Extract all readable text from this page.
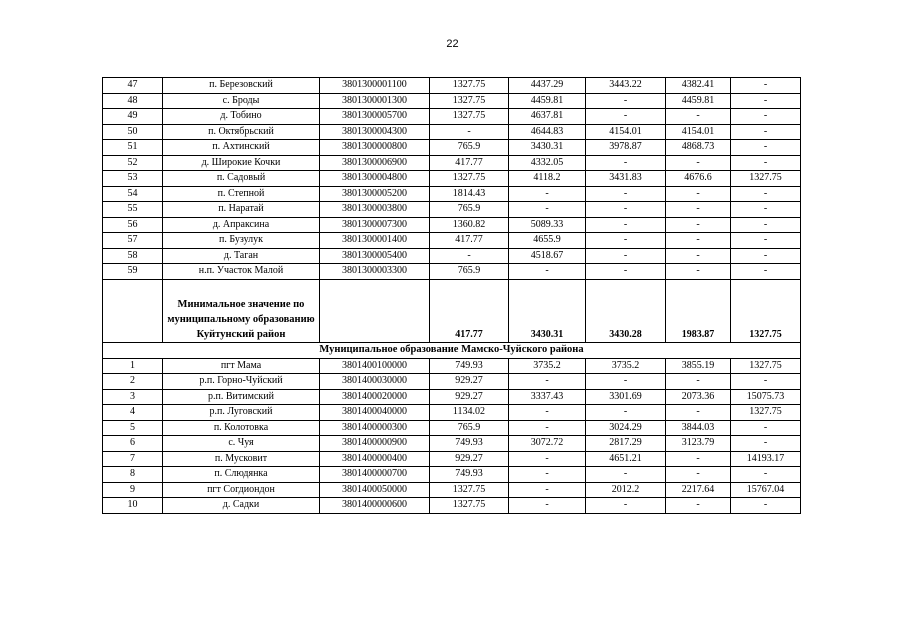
22
47	п. Березовский	3801300001100	1327.75	4437.29	3443.22	4382.41	-
48	с. Броды	3801300001300	1327.75	4459.81	-	4459.81	-
49	д. Тобино	3801300005700	1327.75	4637.81	-	-	-
50	п. Октябрьский	3801300004300	-	4644.83	4154.01	4154.01	-
51	п. Ахтинский	3801300000800	765.9	3430.31	3978.87	4868.73	-
52	д. Широкие Кочки	3801300006900	417.77	4332.05	-	-	-
53	п. Садовый	3801300004800	1327.75	4118.2	3431.83	4676.6	1327.75
54	п. Степной	3801300005200	1814.43	-	-	-	-
55	п. Наратай	3801300003800	765.9	-	-	-	-
56	д. Апраксина	3801300007300	1360.82	5089.33	-	-	-
57	п. Бузулук	3801300001400	417.77	4655.9	-	-	-
58	д. Таган	3801300005400	-	4518.67	-	-	-
59	н.п. Участок Малой	3801300003300	765.9	-	-	-	-
	Минимальное значение по муниципальному образованию Куйтунский район		417.77	3430.31	3430.28	1983.87	1327.75
Муниципальное образование Мамско-Чуйского района							
1	пгт Мама	3801400100000	749.93	3735.2	3735.2	3855.19	1327.75
2	р.п. Горно-Чуйский	3801400030000	929.27	-	-	-	-
3	р.п. Витимский	3801400020000	929.27	3337.43	3301.69	2073.36	15075.73
4	р.п. Луговский	3801400040000	1134.02	-	-	-	1327.75
5	п. Колотовка	3801400000300	765.9	-	3024.29	3844.03	-
6	с. Чуя	3801400000900	749.93	3072.72	2817.29	3123.79	-
7	п. Мусковит	3801400000400	929.27	-	4651.21	-	14193.17
8	п. Слюдянка	3801400000700	749.93	-	-	-	-
9	пгт Согдиондон	3801400050000	1327.75	-	2012.2	2217.64	15767.04
10	д. Садки	3801400000600	1327.75	-	-	-	-
